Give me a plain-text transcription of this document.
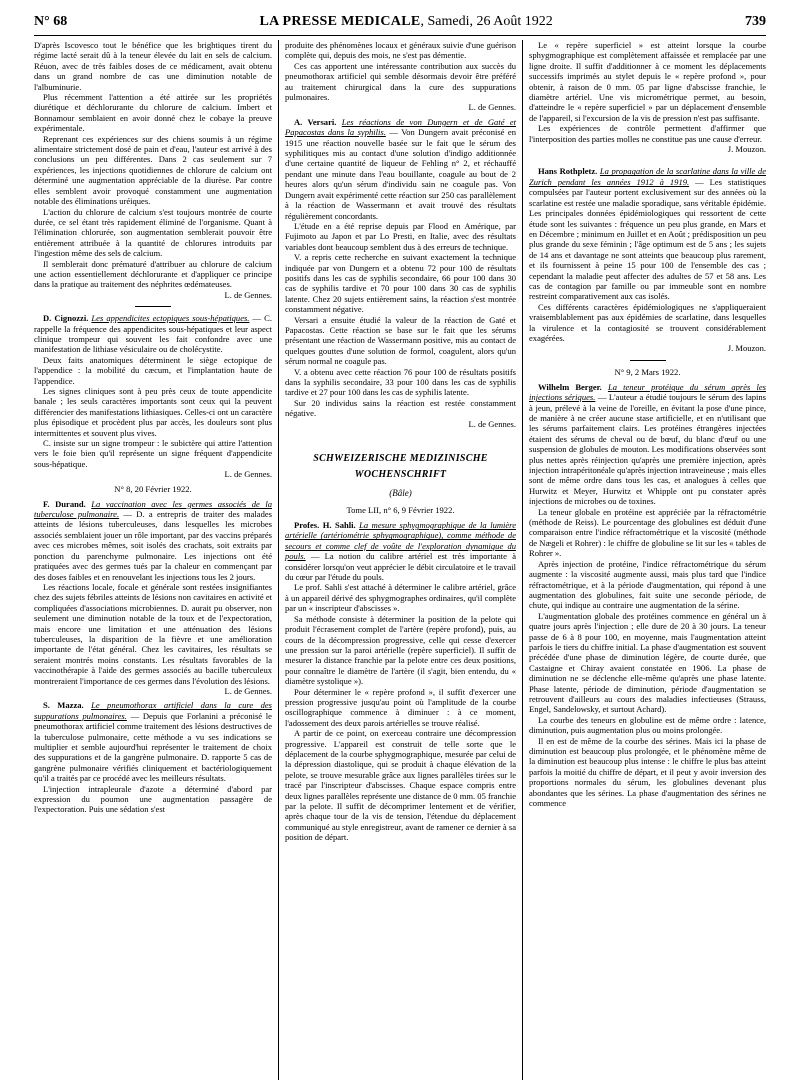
N° 68	LA PRESSE MEDICALE, Samedi, 26 Août 1922	739

D'après Iscovesco tout le bénéfice que les brightiques tirent du régime lacté serait dû à la teneur élevée du lait en sels de calcium. Réuon, avec de très faibles doses de ce médicament, avait obtenu dans un grand nombre de cas une diminution notable de l'albuminurie.

Plus récemment l'attention a été attirée sur les propriétés diurétique et déchlorurante du chlorure de calcium. Imbert et Bonnamour semblaient en avoir donné chez le cobaye la preuve expérimentale.

Reprenant ces expériences sur des chiens soumis à un régime alimentaire strictement dosé de pain et d'eau, l'auteur est arrivé à des conclusions un peu différentes. Dans 2 cas seulement sur 7 expériences, les injections quotidiennes de chlorure de calcium ont déterminé une augmentation appréciable de la diurèse. Par contre elles semblent avoir provoqué constamment une augmentation notable des éliminations uréiques.

L'action du chlorure de calcium s'est toujours montrée de courte durée, ce sel étant très rapidement éliminé de l'organisme. Quant à l'élimination chlorurée, son augmentation semblerait pouvoir être entièrement attribuée à la quantité de chlorures introduits par l'ingestion même des sels de calcium.

Il semblerait donc prématuré d'attribuer au chlorure de calcium une action essentiellement déchlorurante et d'appliquer ce principe dans la pratique au traitement des néphrites œdémateuses.

L. de Gennes.

D. Cignozzi. Les appendicites ectopiques sous-hépatiques. — C. rappelle la fréquence des appendicites sous-hépatiques et leur aspect clinique trompeur qui souvent les fait confondre avec une manifestation de lithiase vésiculaire ou de cholécystite.

Deux faits anatomiques déterminent le siège ectopique de l'appendice : la mobilité du cæcum, et l'implantation haute de l'appendice.

Les signes cliniques sont à peu près ceux de toute appendicite banale ; les seuls caractères importants sont ceux qui la peuvent différencier des manifestations lithiasiques. Celles-ci ont un caractère plus épisodique et procèdent plus par accès, les douleurs sont plus intermittentes et souvent plus vives.

C. insiste sur un signe trompeur : le subictère qui attire l'attention vers le foie bien qu'il représente un signe fréquent d'appendicite sous-hépatique.

L. de Gennes.
N° 8, 20 Février 1922.

F. Durand. La vaccination avec les germes associés de la tuberculose pulmonaire. — D. a entrepris de traiter des malades atteints de lésions tuberculeuses, dans lesquelles les microbes associés semblaient jouer un rôle important, par des vaccins préparés avec ces microbes mêmes, soit isolés des crachats, soit extraits par ponction du parenchyme pulmonaire. Les injections ont été pratiquées avec des germes tués par la chaleur en commençant par des doses faibles et en renouvelant les injections tous les 2 jours.

Les réactions locale, focale et générale sont restées insignifiantes chez des sujets fébriles atteints de lésions non cavitaires en activité et compliquées d'associations microbiennes. D. aurait pu observer, non seulement une diminution notable de la toux et de l'expectoration, mais encore une limitation et une atténuation des lésions tuberculeuses, la disparition de la fièvre et une amélioration importante de l'état général. Chez les cavitaires, les résultats se seraient montrés moins constants. Les résultats favorables de la vaccinothérapie à l'aide des germes associés au bacille tuberculeux montreraient l'importance de ces germes dans l'évolution des lésions.

L. de Gennes.

S. Mazza. Le pneumothorax artificiel dans la cure des suppurations pulmonaires. — Depuis que Forlanini a préconisé le pneumothorax artificiel comme traitement des lésions destructives de la tuberculose pulmonaire, cette méthode a vu ses indications se multiplier et semble aujourd'hui représenter le traitement de choix des suppurations et de la gangrène pulmonaire. D. rapporte 5 cas de gangrène pulmonaire vérifiés cliniquement et bactériologiquement qu'il a traités par ce procédé avec les meilleurs résultats.

L'injection intrapleurale d'azote a déterminé d'abord par expression du poumon une augmentation passagère de l'expectoration. Puis une sédation s'est

produite des phénomènes locaux et généraux suivie d'une guérison complète qui, depuis des mois, ne s'est pas démentie.

Ces cas apportent une intéressante contribution aux succès du pneumothorax artificiel qui semble désormais devoir être préféré au traitement chirurgical dans la cure des suppurations pulmonaires.

L. de Gennes.

A. Versari. Les réactions de von Dungern et de Gaté et Papacostas dans la syphilis. — Von Dungern avait préconisé en 1915 une réaction nouvelle basée sur le fait que le sérum des syphilitiques mis au contact d'une solution d'indigo additionnée d'une certaine quantité de liqueur de Fehling n° 2, et réchauffé pendant une minute dans l'eau bouillante, coagule au bout de 2 heures alors qu'un sérum d'individu sain ne coagule pas. Von Dungern avait expérimenté cette réaction sur 250 cas parallèlement à la réaction de Wassermann et avait trouvé des résultats régulièrement concordants.

L'étude en a été reprise depuis par Flood en Amérique, par Fujimoto au Japon et par Lo Presti, en Italie, avec des résultats variables dont beaucoup semblent dus à des erreurs de technique.

V. a repris cette recherche en suivant exactement la technique indiquée par von Dungern et a obtenu 72 pour 100 de résultats positifs dans les cas de syphilis secondaire, 66 pour 100 dans 30 cas de syphilis tardive et 70 pour 100 dans 30 cas de syphilis latente. Chez 20 sujets entièrement sains, la réaction s'est montrée constamment négative.

Versari a ensuite étudié la valeur de la réaction de Gaté et Papacostas. Cette réaction se base sur le fait que les sérums présentant une réaction de Wassermann positive, mis au contact de quelques gouttes d'une solution de formol, coagulent, alors qu'un sérum normal ne coagule pas.

V. a obtenu avec cette réaction 76 pour 100 de résultats positifs dans la syphilis secondaire, 33 pour 100 dans les cas de syphilis tardive et 27 pour 100 dans les cas de syphilis latente.

Sur 20 individus sains la réaction est restée constamment négative.

L. de Gennes.
SCHWEIZERISCHE MEDIZINISCHE
WOCHENSCHRIFT
(Bâle)
Tome LII, n° 6, 9 Février 1922.

Profes. H. Sahli. La mesure sphygmographique de la lumière artérielle (artériométrie sphygmographique), comme méthode de secours et comme clef de voûte de l'exploration dynamique du pouls. — La notion du calibre artériel est très importante à considérer lorsqu'on veut apprécier le débit circulatoire et le travail du cœur par l'étude du pouls.

Le prof. Sahli s'est attaché à déterminer le calibre artériel, grâce à un appareil dérivé des sphygmographes ordinaires, qu'il complète par un « inscripteur d'abscisses ».

Sa méthode consiste à déterminer la position de la pelote qui produit l'écrasement complet de l'artère (repère profond), puis, au cours de la décompression progressive, celle qui cesse d'exercer une pression sur la paroi artérielle (repère superficiel). Il suffit de mesurer la distance franchie par la pelote entre ces deux positions, pour connaître le diamètre de l'artère (il s'agit, bien entendu, du « diamètre systolique »).

Pour déterminer le « repère profond », il suffit d'exercer une pression progressive jusqu'au point où l'amplitude de la courbe oscillographique commence à diminuer : à ce moment, l'adossement des deux parois artérielles se trouve réalisé.

A partir de ce point, on exerceau contraire une décompression progressive. L'appareil est construit de telle sorte que le déplacement de la courbe sphygmographique, mesurée par celui de la dépression diastolique, qui se produit à chaque élévation de la pelote, se trouve mesurable grâce aux lignes parallèles tirées sur le tracé par l'inscripteur d'abscisses. Chaque espace compris entre deux lignes parallèles représente une distance de 0 mm. 05 franchie par la pelote. Il suffit de décomprimer lentement et de vérifier, après chaque tour de la vis de tension, l'étendue du déplacement communiqué au style enregistreur, avant de ramener ce dernier à sa position de départ.

Le « repère superficiel » est atteint lorsque la courbe sphygmographique est complètement affaissée et remplacée par une ligne droite. Il suffit d'additionner à ce moment les déplacements successifs imprimés au stylet depuis le « repère profond », pour obtenir, à raison de 0 mm. 05 par ligne d'abscisse franchie, le diamètre artériel. Une vis micrométrique permet, au besoin, d'atteindre le « repère superficiel » par un déplacement d'ensemble de l'appareil, si l'excursion de la vis de pression n'est pas suffisante.

Les expériences de contrôle permettent d'affirmer que l'interposition des parties molles ne constitue pas une cause d'erreur.

J. Mouzon.

Hans Rothpletz. La propagation de la scarlatine dans la ville de Zurich pendant les années 1912 à 1919. — Les statistiques compulsées par l'auteur portent exclusivement sur des années où la scarlatine est restée une maladie sporadique, sans véritable épidémie. Les principales données épidémiologiques qui ressortent de cette étude sont les suivantes : fréquence un peu plus grande, en Mars et en Décembre ; minimum en Juillet et en Août ; prédisposition un peu plus grande du sexe féminin ; l'âge optimum est de 5 ans ; les sujets de 14 ans et davantage ne sont atteints que beaucoup plus rarement, et ils fournissent à peine 15 pour 100 de l'ensemble des cas ; cependant la maladie peut affecter des adultes de 57 et 58 ans. Les cas de contagion par famille ou par immeuble sont en nombre restreint comparativement aux cas isolés.

Ces différents caractères épidémiologiques ne s'appliqueraient vraisemblablement pas aux épidémies de scarlatine, dans lesquelles la virulence et la contagiosité se trouvent considérablement exagérées.

J. Mouzon.
N° 9, 2 Mars 1922.

Wilhelm Berger. La teneur protéique du sérum après les injections sériques. — L'auteur a étudié toujours le sérum des lapins à jeun, prélevé à la veine de l'oreille, en évitant la pose d'une pince, de manière à ne créer aucune stase artificielle, et en n'utilisant que les sérums parfaitement clairs. Les protéines étrangères injectées étaient des sérums de cheval ou de bœuf, du blanc d'œuf ou une suspension de globules de mouton. Les modifications observées sont plus nettes après réinjection qu'après une première injection, après injection intrapéritonéale qu'après injection intraveineuse ; mais elles sont de même ordre dans tous les cas, et analogues à celles que Hurwitz et Meyer, Hurwitz et Whipple ont pu constater après injections de microbes ou de toxines.

La teneur globale en protéine est appréciée par la réfractométrie (méthode de Reiss). Le pourcentage des globulines est déduit d'une comparaison entre l'indice réfractométrique et la viscosité (méthode de Nægeli et Rohrer) : le chiffre de globuline se lit sur les « tables de Rohrer ».

Après injection de protéine, l'indice réfractométrique du sérum augmente : la viscosité augmente aussi, mais plus tard que l'indice réfractométrique, et à la période d'augmentation, qui répond à une augmentation des globulines, fait suite une seconde période, de chute, qui indique au contraire une augmentation de la sérine.

L'augmentation globale des protéines commence en général un à quatre jours après l'injection ; elle dure de 20 à 30 jours. La teneur passe de 6 à 8 pour 100, en moyenne, mais l'augmentation atteint parfois le tiers du chiffre initial. La phase d'augmentation est souvent précédée d'une phase de diminution légère, de courte durée, que Castaigne et Chiray avaient constatée en 1906. La phase de diminution ne se déclenche elle-même qu'après une phase latente. Phase latente, période de diminution, période d'augmentation se retrouvent d'ailleurs au cours des maladies infectieuses (Strauss, Engel, Sandelowsky, et surtout Achard).

La courbe des teneurs en globuline est de même ordre : latence, diminution, puis augmentation plus ou moins prolongée.

Il en est de même de la courbe des sérines. Mais ici la phase de diminution est beaucoup plus prolongée, et le phénomène même de la diminution est beaucoup plus intense : le chiffre le plus bas atteint parfois la moitié du chiffre de départ, et il peut y avoir inversion des proportions normales du sérum, les globulines devenant plus abondantes que les sérines. La phase d'augmentation des sérines ne commence
